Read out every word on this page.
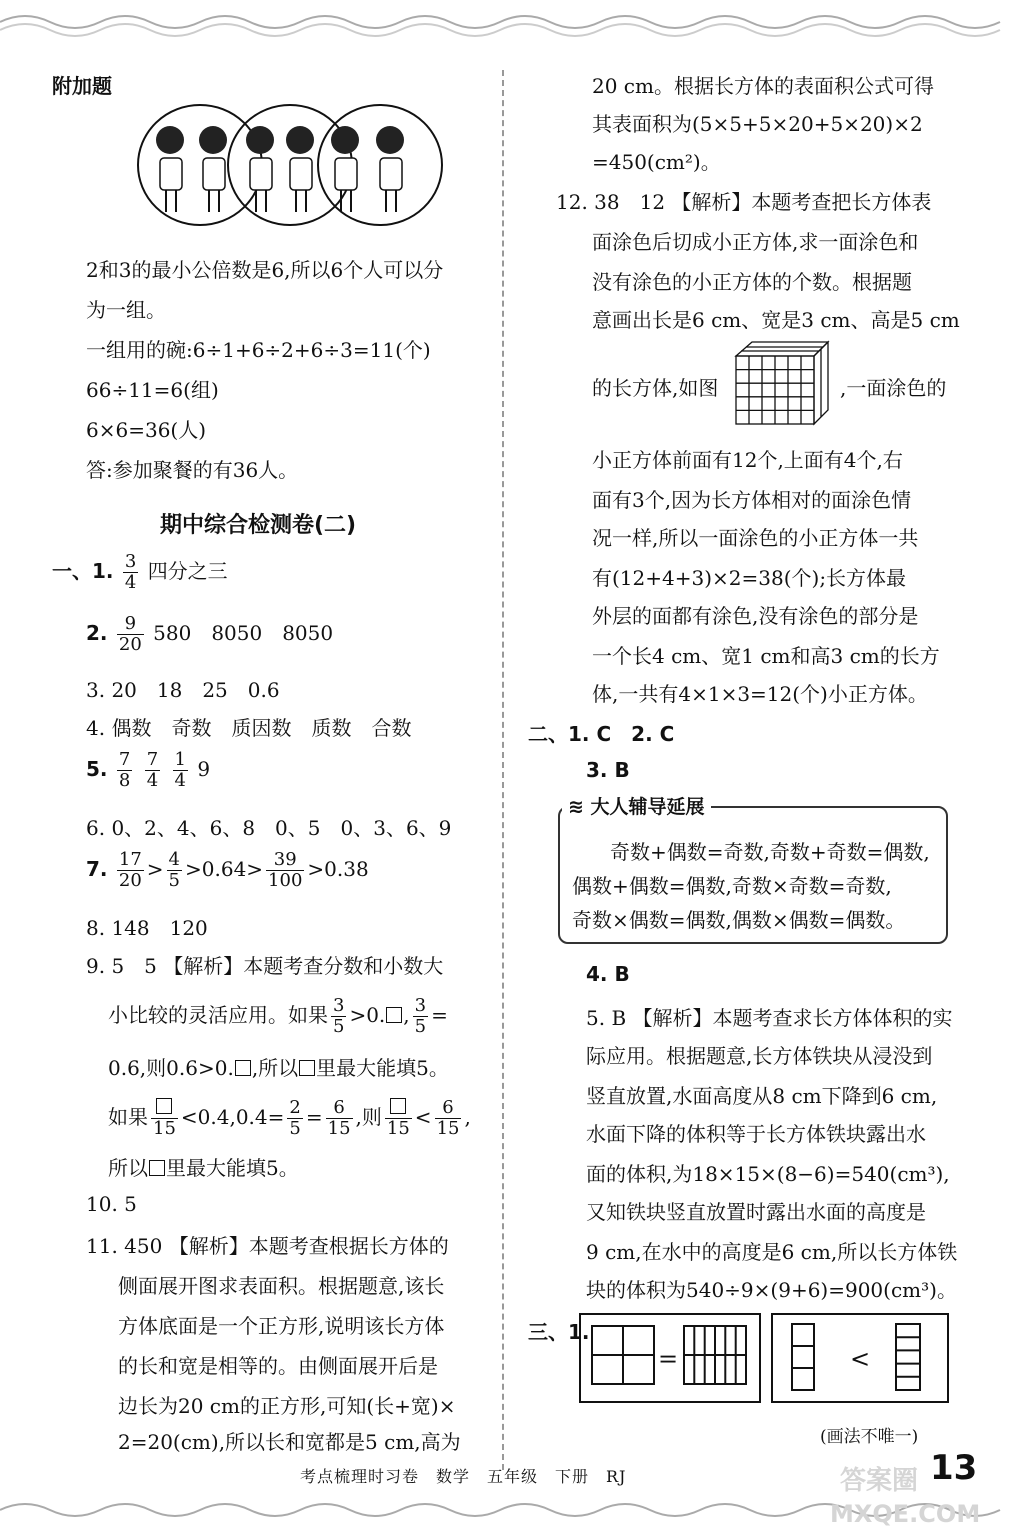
附加题
2和3的最小公倍数是6,所以6个人可以分
为一组。
一组用的碗:6÷1+6÷2+6÷3=11(个)
66÷11=6(组)
6×6=36(人)
答:参加聚餐的有36人。
期中综合检测卷(二)
一、1. $\frac{3}{4}$ 四分之三
2. $\frac{9}{20} 580$　8050　8050
3. 20　18　25　0.6
4. 偶数　奇数　质因数　质数　合数
5. $\frac{7}{8}$
$\frac{7}{4}$
$\frac{1}{4} 9$
6. 0、2、4、6、8　0、5　0、3、6、9
7. $\frac{17}{20} > \frac{4}{5} >0.64> \frac{39}{100} >0.38$
8. 148　120
9. 5　5 【解析】本题考查分数和小数大
小比较的灵活应用。如果 $\frac{3}{5} >0$. , $\frac{3}{5}$ =
0.6,则0.6>0. ,所以 里最大能填5。
如果 $15 <0.4,0.4= \frac{2}{5} = \frac{6}{15}$ ,则 $15 < \frac{6}{15}$ ,
所以 里最大能填5。
10. 5
11. 450 【解析】本题考查根据长方体的
侧面展开图求表面积。根据题意,该长
方体底面是一个正方形,说明该长方体
的长和宽是相等的。由侧面展开后是
边长为20 cm的正方形,可知(长+宽)×
2=20(cm),所以长和宽都是5 cm,高为
20 cm。根据长方体的表面积公式可得
其表面积为(5×5+5×20+5×20)×2
=450(cm²)。
12. 38　12 【解析】本题考查把长方体表
面涂色后切成小正方体,求一面涂色和
没有涂色的小正方体的个数。根据题
意画出长是6 cm、宽是3 cm、高是5 cm
的长方体,如图	,一面涂色的
小正方体前面有12个,上面有4个,右
面有3个,因为长方体相对的面涂色情
况一样,所以一面涂色的小正方体一共
有(12+4+3)×2=38(个);长方体最
外层的面都有涂色,没有涂色的部分是
一个长4 cm、宽1 cm和高3 cm的长方
体,一共有4×1×3=12(个)小正方体。
二、1. C　2. C
3. B
≋ 大人辅导延展
奇数+偶数=奇数,奇数+奇数=偶数,
偶数+偶数=偶数,奇数×奇数=奇数,
奇数×偶数=偶数,偶数×偶数=偶数。
4. B
5. B 【解析】本题考查求长方体体积的实
际应用。根据题意,长方体铁块从浸没到
竖直放置,水面高度从8 cm下降到6 cm,
水面下降的体积等于长方体铁块露出水
面的体积,为18×15×(8−6)=540(cm³),
又知铁块竖直放置时露出水面的高度是
9 cm,在水中的高度是6 cm,所以长方体铁
块的体积为540÷9×(9+6)=900(cm³)。
三、1.
=	<
(画法不唯一)
考点梳理时习卷　数学　五年级　下册　RJ	答案圈
MXQE.COM
13
